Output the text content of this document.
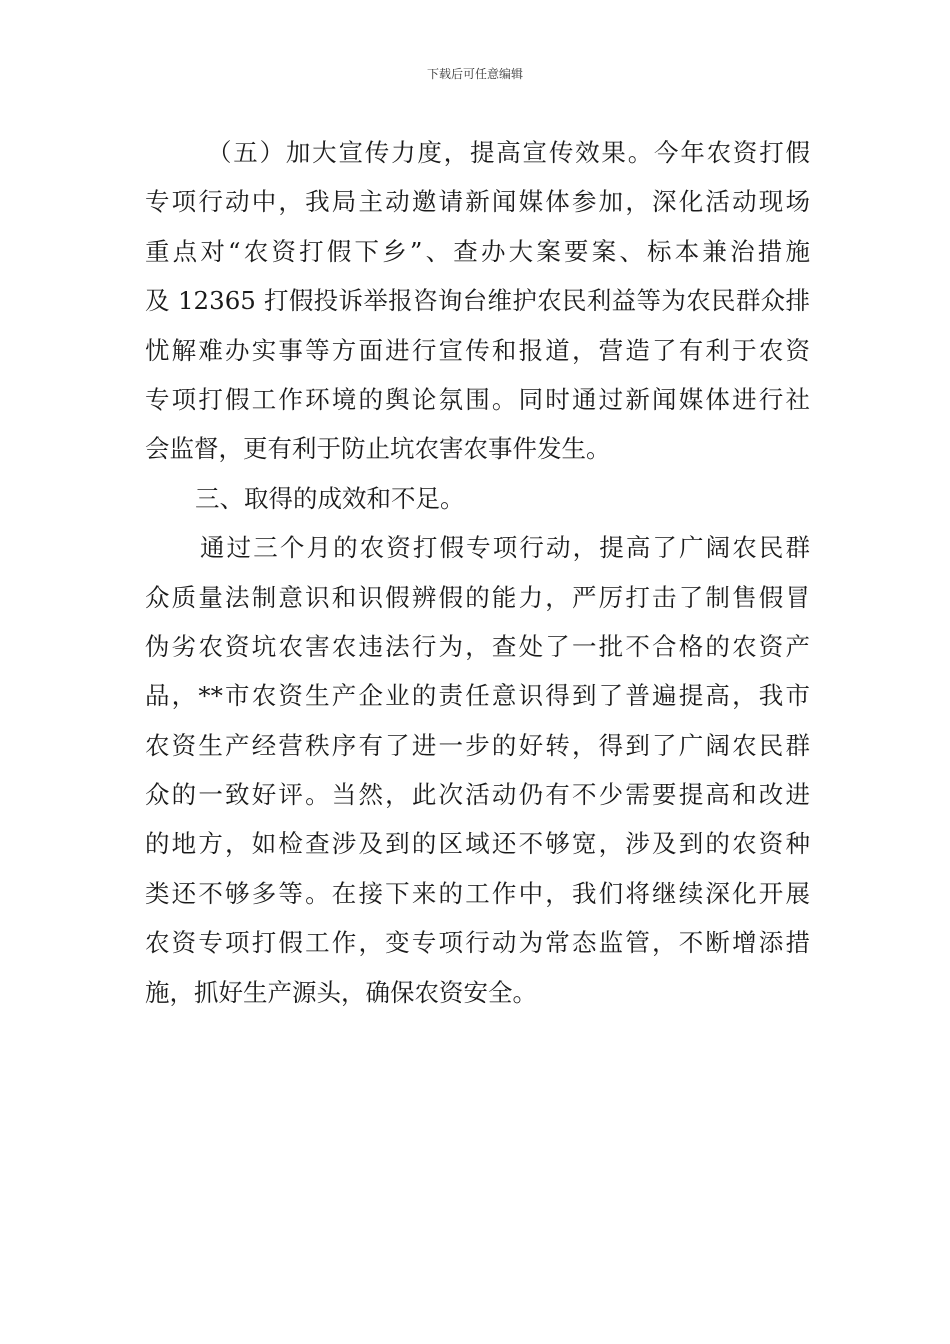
下载后可任意编辑
（五）加大宣传力度，提高宣传效果。今年农资打假
专项行动中，我局主动邀请新闻媒体参加，深化活动现场
重点对“农资打假下乡”、查办大案要案、标本兼治措施
及 12365 打假投诉举报咨询台维护农民利益等为农民群众排
忧解难办实事等方面进行宣传和报道，营造了有利于农资
专项打假工作环境的舆论氛围。同时通过新闻媒体进行社
会监督，更有利于防止坑农害农事件发生。
三、取得的成效和不足。
通过三个月的农资打假专项行动，提高了广阔农民群
众质量法制意识和识假辨假的能力，严厉打击了制售假冒
伪劣农资坑农害农违法行为，查处了一批不合格的农资产
品，**市农资生产企业的责任意识得到了普遍提高，我市
农资生产经营秩序有了进一步的好转，得到了广阔农民群
众的一致好评。当然，此次活动仍有不少需要提高和改进
的地方，如检查涉及到的区域还不够宽，涉及到的农资种
类还不够多等。在接下来的工作中，我们将继续深化开展
农资专项打假工作，变专项行动为常态监管，不断增添措
施，抓好生产源头，确保农资安全。
